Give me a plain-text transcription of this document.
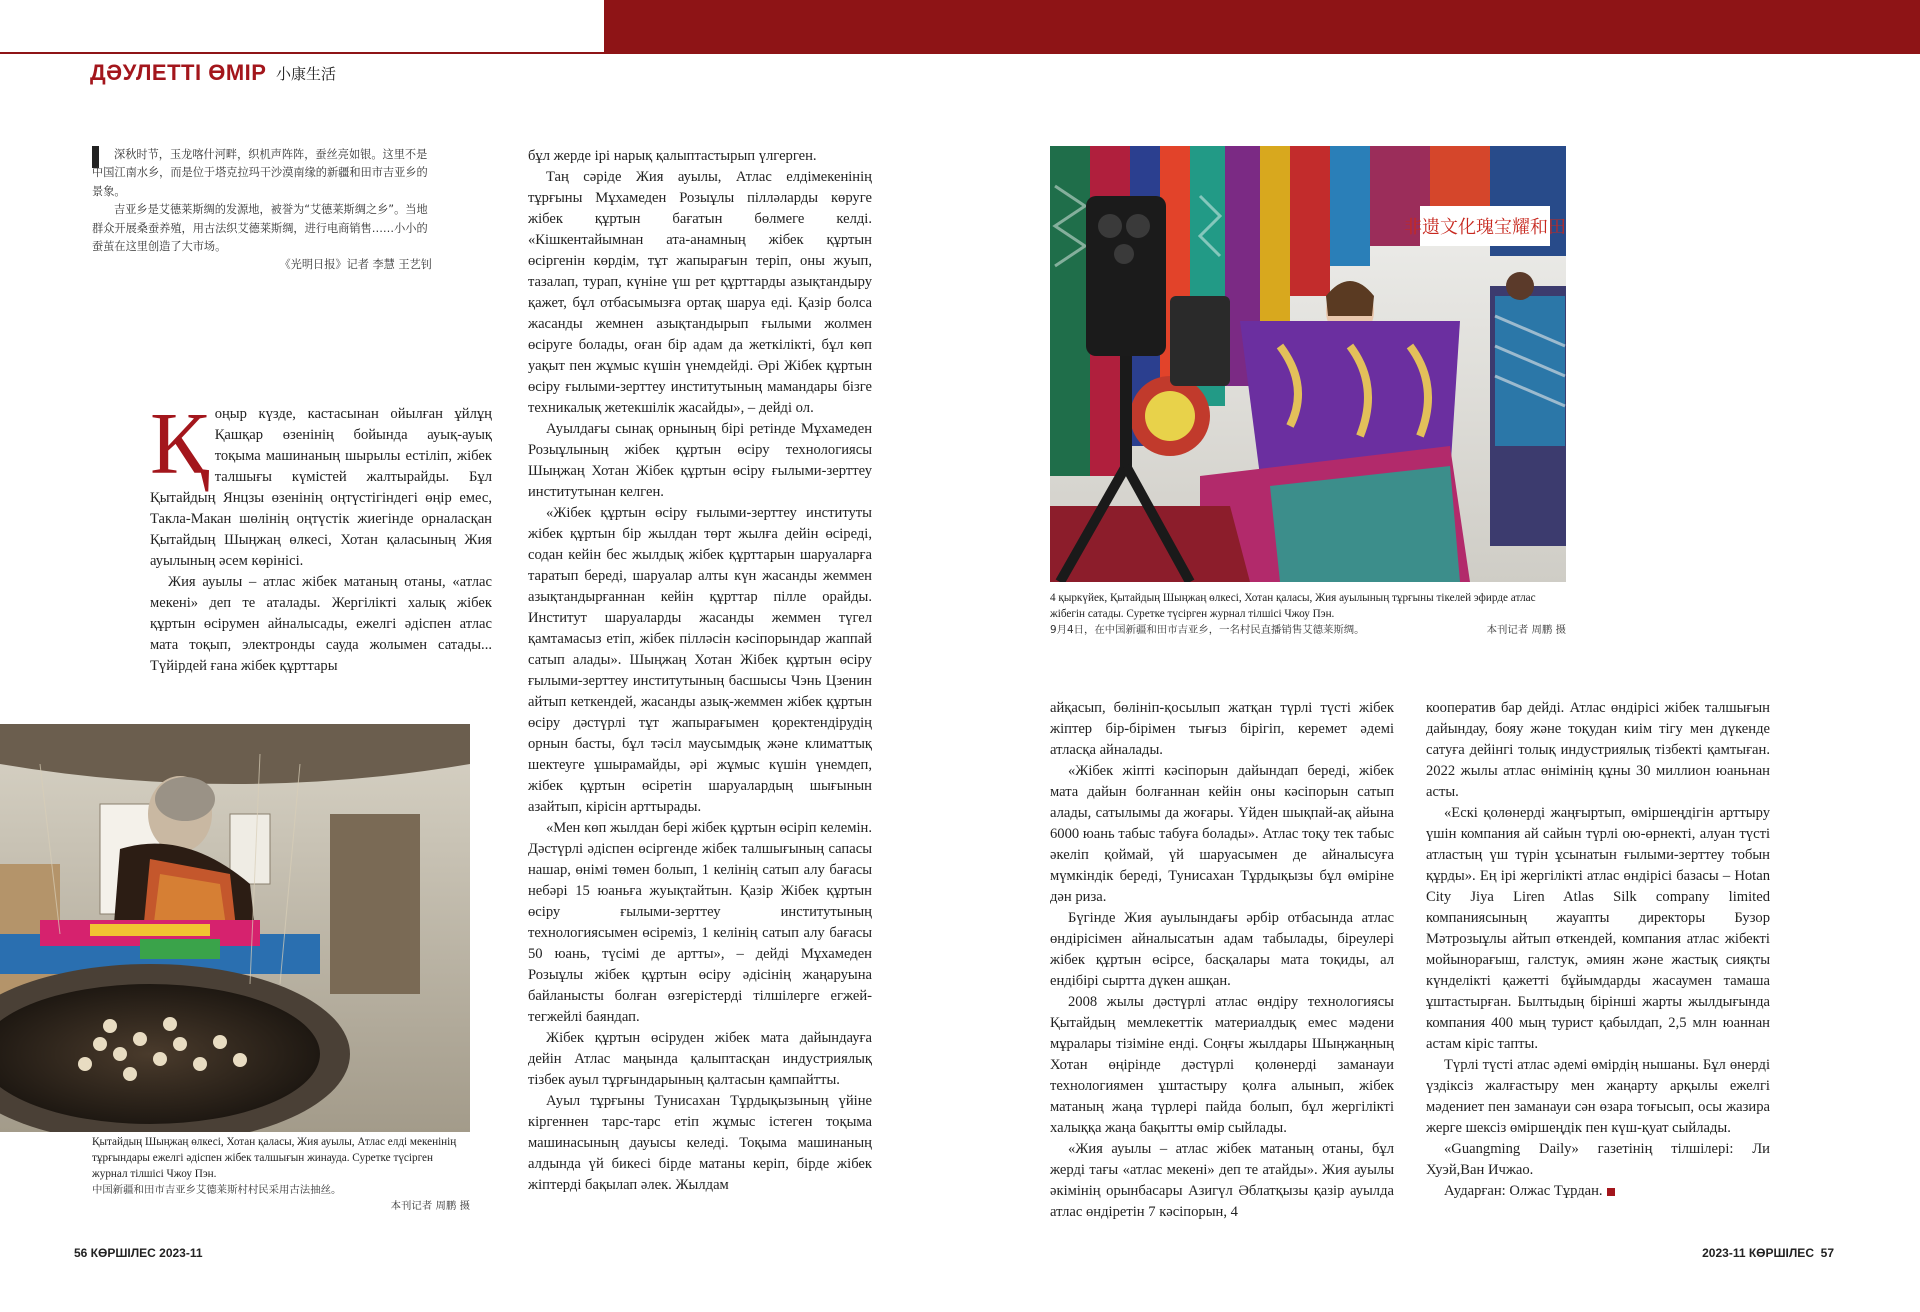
ДӘУЛЕТТІ ӨМІР 小康生活

深秋时节，玉龙喀什河畔，织机声阵阵，蚕丝亮如银。这里不是中国江南水乡，而是位于塔克拉玛干沙漠南缘的新疆和田市吉亚乡的景象。

吉亚乡是艾德莱斯绸的发源地，被誉为“艾德莱斯绸之乡”。当地群众开展桑蚕养殖，用古法织艾德莱斯绸，进行电商销售……小小的蚕茧在这里创造了大市场。

《光明日报》记者 李慧 王艺钊

Қоңыр күзде, кастасынан ойылған ұйлұң Қашқар өзенінің бойында ауық-ауық тоқыма машинаның шырылы естіліп, жібек талшығы күмістей жалтырайды. Бұл Қытайдың Янцзы өзенінің оңтүстігіндегі өңір емес, Такла-Макан шөлінің оңтүстік жиегінде орналасқан Қытайдың Шыңжаң өлкесі, Хотан қаласының Жия ауылының әсем көрінісі.

Жия ауылы – атлас жібек матаның отаны, «атлас мекені» деп те аталады. Жергілікті халық жібек құртын өсірумен айналысады, ежелгі әдіспен атлас мата тоқып, электронды сауда жолымен сатады... Түйірдей ғана жібек құрттары

Қытайдың Шыңжаң өлкесі, Хотан қаласы, Жия ауылы, Атлас елді мекенінің тұрғындары ежелгі әдіспен жібек талшығын жинауда. Суретке түсірген журнал тілшісі Чжоу Пэн.
中国新疆和田市吉亚乡艾德莱斯村村民采用古法抽丝。
本刊记者 周鹏 摄

бұл жерде ірі нарық қалыптастырып үлгерген.

Таң сәріде Жия ауылы, Атлас елдімекенінің тұрғыны Мұхамеден Розыұлы пілләларды көруге жібек құртын бағатын бөлмеге келді. «Кішкентайымнан ата-анамның жібек құртын өсіргенін көрдім, тұт жапырағын теріп, оны жуып, тазалап, турап, күніне үш рет құрттарды азықтандыру қажет, бұл отбасымызға ортақ шаруа еді. Қазір болса жасанды жемнен азықтандырып ғылыми жолмен өсіруге болады, оған бір адам да жеткілікті, бұл көп уақыт пен жұмыс күшін үнемдейді. Әрі Жібек құртын өсіру ғылыми-зерттеу институтының мамандары бізге техникалық жетекшілік жасайды», – дейді ол.

Ауылдағы сынақ орнының бірі ретінде Мұхамеден Розыұлының жібек құртын өсіру технологиясы Шыңжаң Хотан Жібек құртын өсіру ғылыми-зерттеу институтынан келген.

«Жібек құртын өсіру ғылыми-зерттеу институты жібек құртын бір жылдан төрт жылға дейін өсіреді, содан кейін бес жылдық жібек құрттарын шаруаларға таратып береді, шаруалар алты күн жасанды жеммен азықтандырғаннан кейін құрттар пілле орайды. Институт шаруаларды жасанды жеммен түгел қамтамасыз етіп, жібек пілләсін кәсіпорындар жаппай сатып алады». Шыңжаң Хотан Жібек құртын өсіру ғылыми-зерттеу институтының басшысы Чэнь Цзенин айтып кеткендей, жасанды азық-жеммен жібек құртын өсіру дәстүрлі тұт жапырағымен қоректендірудің орнын басты, бұл тәсіл маусымдық және климаттық шектеуге ұшырамайды, әрі жұмыс күшін үнемдеп, жібек құртын өсіретін шаруалардың шығынын азайтып, кірісін арттырады.

«Мен көп жылдан бері жібек құртын өсіріп келемін. Дәстүрлі әдіспен өсіргенде жібек талшығының сапасы нашар, өнімі төмен болып, 1 келінің сатып алу бағасы небәрі 15 юаньға жуықтайтын. Қазір Жібек құртын өсіру ғылыми-зерттеу институтының технологиясымен өсіреміз, 1 келінің сатып алу бағасы 50 юань, түсімі де артты», – дейді Мұхамеден Розыұлы жібек құртын өсіру әдісінің жаңаруына байланысты болған өзгерістерді тілшілерге егжей-тегжейлі баяндап.

Жібек құртын өсіруден жібек мата дайындауға дейін Атлас маңында қалыптасқан индустриялық тізбек ауыл тұрғындарының қалтасын қампайтты.

Ауыл тұрғыны Тунисахан Тұрдықызының үйіне кіргеннен тарс-тарс етіп жұмыс істеген тоқыма машинасының дауысы келеді. Тоқыма машинаның алдында үй бикесі бірде матаны керіп, бірде жібек жіптерді бақылап әлек. Жылдам

非遗文化瑰宝耀和田
4 қыркүйек, Қытайдың Шыңжаң өлкесі, Хотан қаласы, Жия ауылының тұрғыны тікелей эфирде атлас жібегін сатады. Суретке түсірген журнал тілшісі Чжоу Пэн.
9月4日，在中国新疆和田市吉亚乡，一名村民直播销售艾德莱斯绸。	本刊记者 周鹏 摄

айқасып, бөлініп-қосылып жатқан түрлі түсті жібек жіптер бір-бірімен тығыз бірігіп, керемет әдемі атласқа айналады.

«Жібек жіпті кәсіпорын дайындап береді, жібек мата дайын болғаннан кейін оны кәсіпорын сатып алады, сатылымы да жоғары. Үйден шықпай-ақ айына 6000 юань табыс табуға болады». Атлас тоқу тек табыс әкеліп қоймай, үй шаруасымен де айналысуға мүмкіндік береді, Тунисахан Тұрдықызы бұл өміріне дән риза.

Бүгінде Жия ауылындағы әрбір отбасында атлас өндірісімен айналысатын адам табылады, біреулері жібек құртын өсірсе, басқалары мата тоқиды, ал ендібірі сыртта дүкен ашқан.

2008 жылы дәстүрлі атлас өндіру технологиясы Қытайдың мемлекеттік материалдық емес мәдени мұралары тізіміне енді. Соңғы жылдары Шыңжаңның Хотан өңірінде дәстүрлі қолөнерді заманауи технологиямен ұштастыру қолға алынып, жібек матаның жаңа түрлері пайда болып, бұл жергілікті халыққа жаңа бақытты өмір сыйлады.

«Жия ауылы – атлас жібек матаның отаны, бұл жерді тағы «атлас мекені» деп те атайды». Жия ауылы әкімінің орынбасары Азигүл Әблатқызы қазір ауылда атлас өндіретін 7 кәсіпорын, 4

кооператив бар дейді. Атлас өндірісі жібек талшығын дайындау, бояу және тоқудан киім тігу мен дүкенде сатуға дейінгі толық индустриялық тізбекті қамтыған. 2022 жылы атлас өнімінің құны 30 миллион юаньнан асты.

«Ескі қолөнерді жаңғыртып, өміршеңдігін арттыру үшін компания ай сайын түрлі ою-өрнекті, алуан түсті атластың үш түрін ұсынатын ғылыми-зерттеу тобын құрды». Ең ірі жергілікті атлас өндірісі базасы – Hotan City Jiya Liren Atlas Silk company limited компаниясының жауапты директоры Бузор Мәтрозыұлы айтып өткендей, компания атлас жібекті мойынорағыш, галстук, әмиян және жастық сияқты күнделікті қажетті бұйымдарды жасаумен тамаша ұштастырған. Былтыдың бірінші жарты жылдығында компания 400 мың турист қабылдап, 2,5 млн юаннан астам кіріс тапты.

Түрлі түсті атлас әдемі өмірдің нышаны. Бұл өнерді үздіксіз жалғастыру мен жаңарту арқылы ежелгі мәдениет пен заманауи сән өзара тоғысып, осы жазира жерге шексіз өміршеңдік пен күш-қуат сыйлады.

«Guangming Daily» газетінің тілшілері: Ли Хуэй,Ван Ичжао.

Аударған: Олжас Тұрдан.

56 КӨРШІЛЕС 2023-11	2023-11 КӨРШІЛЕС  57
